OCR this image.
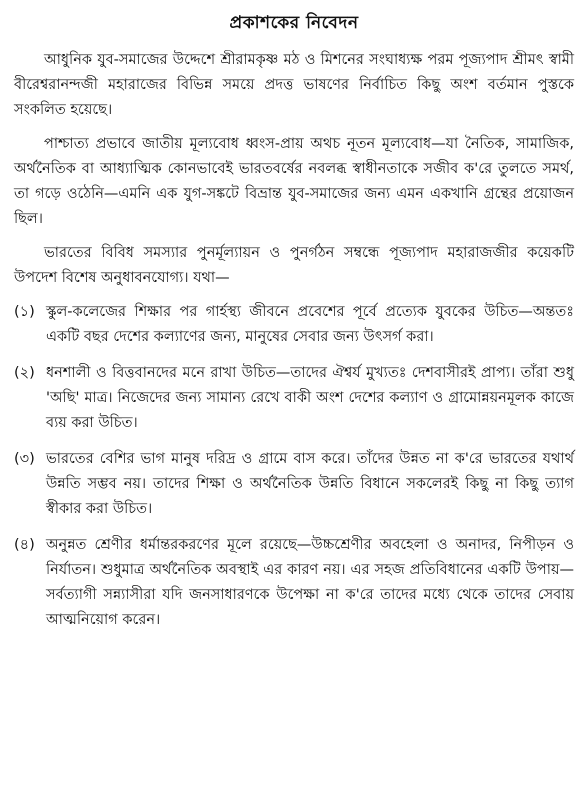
প্রকাশকের নিবেদন

আধুনিক যুব-সমাজের উদ্দেশে শ্রীরামকৃষ্ণ মঠ ও মিশনের সংঘাধ্যক্ষ পরম পূজ্যপাদ শ্রীমৎ স্বামী বীরেশ্বরানন্দজী মহারাজের বিভিন্ন সময়ে প্রদত্ত ভাষণের নির্বাচিত কিছু অংশ বর্তমান পুস্তকে সংকলিত হয়েছে।

পাশ্চাত্য প্রভাবে জাতীয় মূল্যবোধ ধ্বংস-প্রায় অথচ নূতন মূল্যবোধ—যা নৈতিক, সামাজিক, অর্থনৈতিক বা আধ্যাত্মিক কোনভাবেই ভারতবর্ষের নবলব্ধ স্বাধীনতাকে সজীব ক'রে তুলতে সমর্থ, তা গড়ে ওঠেনি—এমনি এক যুগ-সঙ্কটে বিভ্রান্ত যুব-সমাজের জন্য এমন একখানি গ্রন্থের প্রয়োজন ছিল।

ভারতের বিবিধ সমস্যার পুনর্মূল্যায়ন ও পুনর্গঠন সম্বন্ধে পূজ্যপাদ মহারাজজীর কয়েকটি উপদেশ বিশেষ অনুধাবনযোগ্য। যথা—

(১) স্কুল-কলেজের শিক্ষার পর গার্হস্থ্য জীবনে প্রবেশের পূর্বে প্রত্যেক যুবকের উচিত—অন্ততঃ একটি বছর দেশের কল্যাণের জন্য, মানুষের সেবার জন্য উৎসর্গ করা।
(২) ধনশালী ও বিত্তবানদের মনে রাখা উচিত—তাদের ঐশ্বর্য মুখ্যতঃ দেশবাসীরই প্রাপ্য। তাঁরা শুধু 'অছি' মাত্র। নিজেদের জন্য সামান্য রেখে বাকী অংশ দেশের কল্যাণ ও গ্রামোন্নয়নমূলক কাজে ব্যয় করা উচিত।
(৩) ভারতের বেশির ভাগ মানুষ দরিদ্র ও গ্রামে বাস করে। তাঁদের উন্নত না ক'রে ভারতের যথার্থ উন্নতি সম্ভব নয়। তাদের শিক্ষা ও অর্থনৈতিক উন্নতি বিধানে সকলেরই কিছু না কিছু ত্যাগ স্বীকার করা উচিত।
(৪) অনুন্নত শ্রেণীর ধর্মান্তরকরণের মূলে রয়েছে—উচ্চশ্রেণীর অবহেলা ও অনাদর, নিপীড়ন ও নির্যাতন। শুধুমাত্র অর্থনৈতিক অবস্থাই এর কারণ নয়। এর সহজ প্রতিবিধানের একটি উপায়—সর্বত্যাগী সন্ন্যাসীরা যদি জনসাধারণকে উপেক্ষা না ক'রে তাদের মধ্যে থেকে তাদের সেবায় আত্মনিয়োগ করেন।
